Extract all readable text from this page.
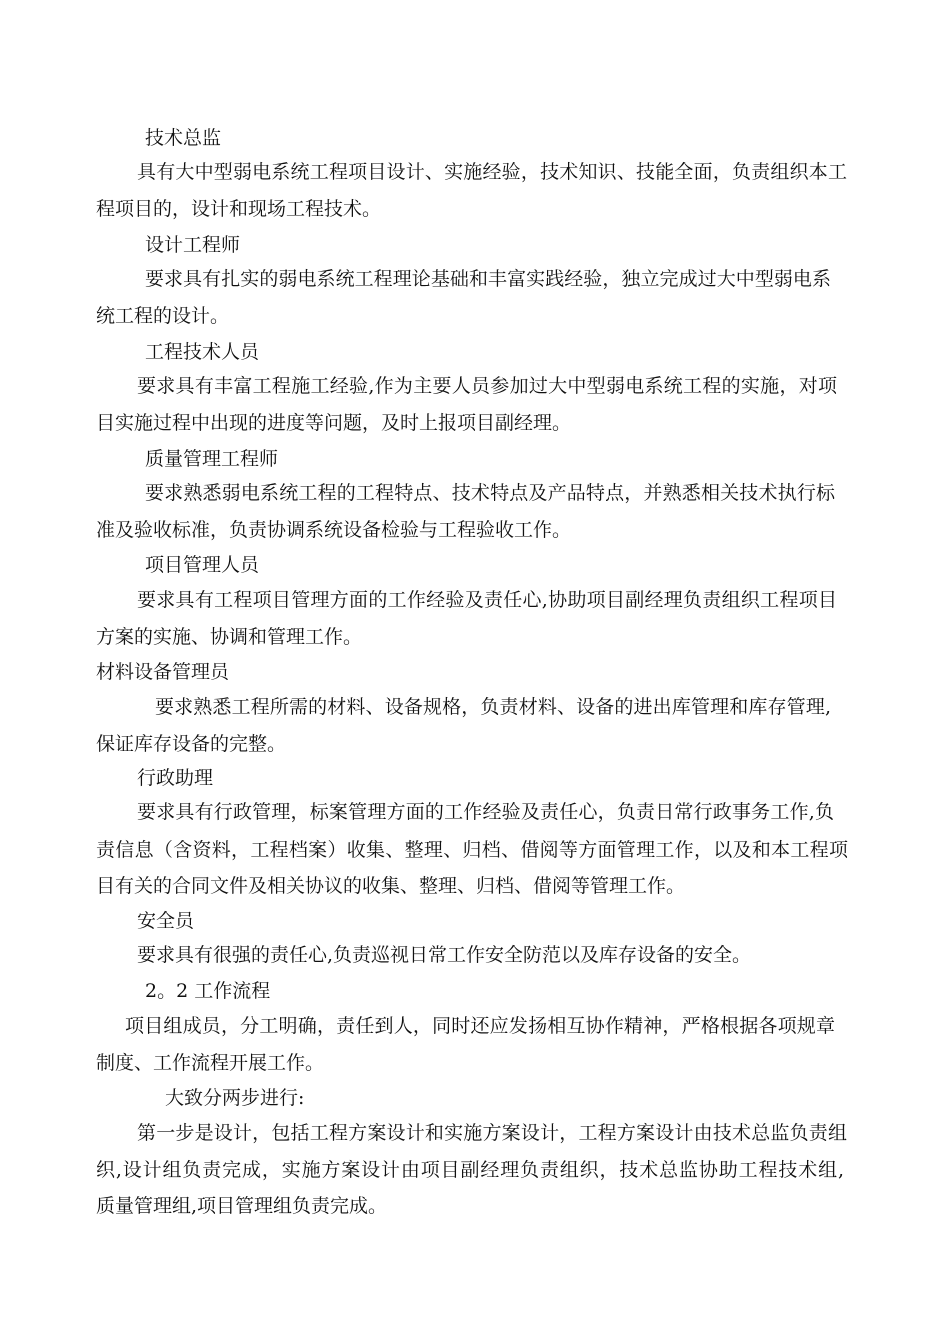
技术总监
具有大中型弱电系统工程项目设计、实施经验，技术知识、技能全面，负责组织本工
程项目的，设计和现场工程技术。
设计工程师
要求具有扎实的弱电系统工程理论基础和丰富实践经验，独立完成过大中型弱电系
统工程的设计。
工程技术人员
要求具有丰富工程施工经验,作为主要人员参加过大中型弱电系统工程的实施，对项
目实施过程中出现的进度等问题，及时上报项目副经理。
质量管理工程师
要求熟悉弱电系统工程的工程特点、技术特点及产品特点，并熟悉相关技术执行标
准及验收标准，负责协调系统设备检验与工程验收工作。
项目管理人员
要求具有工程项目管理方面的工作经验及责任心,协助项目副经理负责组织工程项目
方案的实施、协调和管理工作。
材料设备管理员
要求熟悉工程所需的材料、设备规格，负责材料、设备的进出库管理和库存管理,
保证库存设备的完整。
行政助理
要求具有行政管理，标案管理方面的工作经验及责任心，负责日常行政事务工作,负
责信息（含资料，工程档案）收集、整理、归档、借阅等方面管理工作，以及和本工程项
目有关的合同文件及相关协议的收集、整理、归档、借阅等管理工作。
安全员
要求具有很强的责任心,负责巡视日常工作安全防范以及库存设备的安全。
2。2 工作流程
项目组成员，分工明确，责任到人，同时还应发扬相互协作精神，严格根据各项规章
制度、工作流程开展工作。
大致分两步进行:
第一步是设计，包括工程方案设计和实施方案设计，工程方案设计由技术总监负责组
织,设计组负责完成，实施方案设计由项目副经理负责组织，技术总监协助工程技术组,
质量管理组,项目管理组负责完成。
